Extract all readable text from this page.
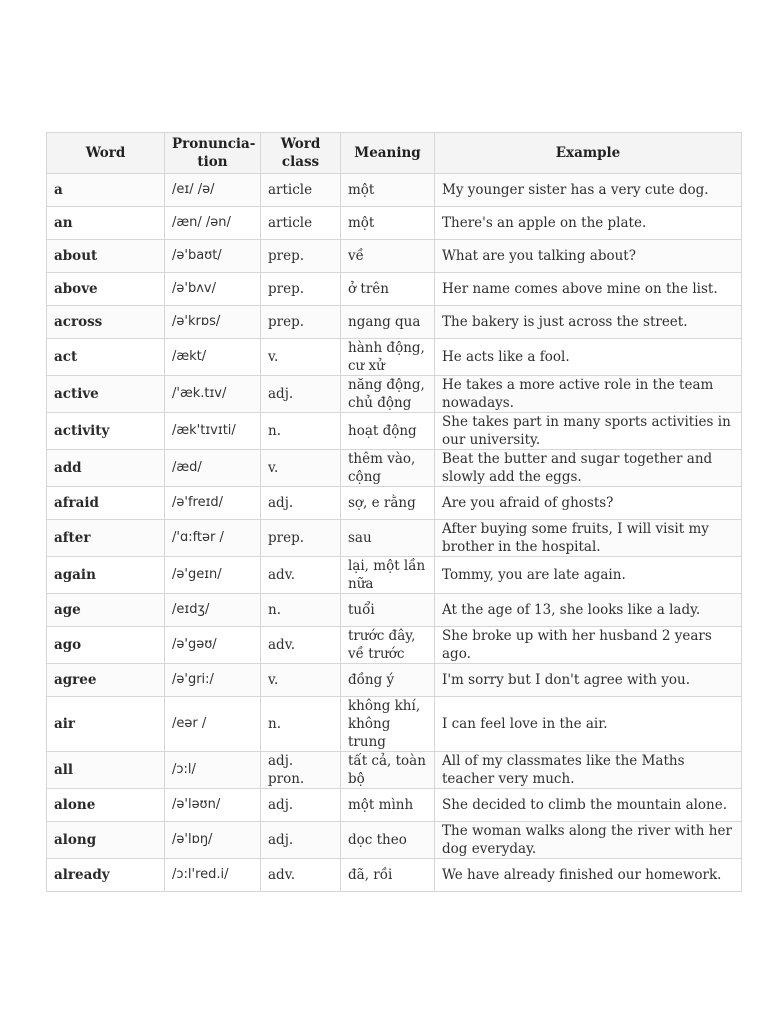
Word	Pronuncia-tion	Word class	Meaning	Example
a	/eɪ/ /ə/	article	một	My younger sister has a very cute dog.
an	/æn/ /ən/	article	một	There's an apple on the plate.
about	/ə'baʊt/	prep.	về	What are you talking about?
above	/ə'bʌv/	prep.	ở trên	Her name comes above mine on the list.
across	/ə'krɒs/	prep.	ngang qua	The bakery is just across the street.
act	/ækt/	v.	hành động, cư xử	He acts like a fool.
active	/'æk.tɪv/	adj.	năng động, chủ động	He takes a more active role in the team nowadays.
activity	/æk'tɪvɪti/	n.	hoạt động	She takes part in many sports activities in our university.
add	/æd/	v.	thêm vào, cộng	Beat the butter and sugar together and slowly add the eggs.
afraid	/ə'freɪd/	adj.	sợ, e rằng	Are you afraid of ghosts?
after	/'ɑ:ftər /	prep.	sau	After buying some fruits, I will visit my brother in the hospital.
again	/ə'geɪn/	adv.	lại, một lần nữa	Tommy, you are late again.
age	/eɪdʒ/	n.	tuổi	At the age of 13, she looks like a lady.
ago	/ə'gəʊ/	adv.	trước đây, về trước	She broke up with her husband 2 years ago.
agree	/ə'gri:/	v.	đồng ý	I'm sorry but I don't agree with you.
air	/eər /	n.	không khí, không trung	I can feel love in the air.
all	/ɔ:l/	adj. pron.	tất cả, toàn bộ	All of my classmates like the Maths teacher very much.
alone	/ə'ləʊn/	adj.	một mình	She decided to climb the mountain alone.
along	/ə'lɒŋ/	adj.	dọc theo	The woman walks along the river with her dog everyday.
already	/ɔ:l'red.i/	adv.	đã, rồi	We have already finished our homework.
